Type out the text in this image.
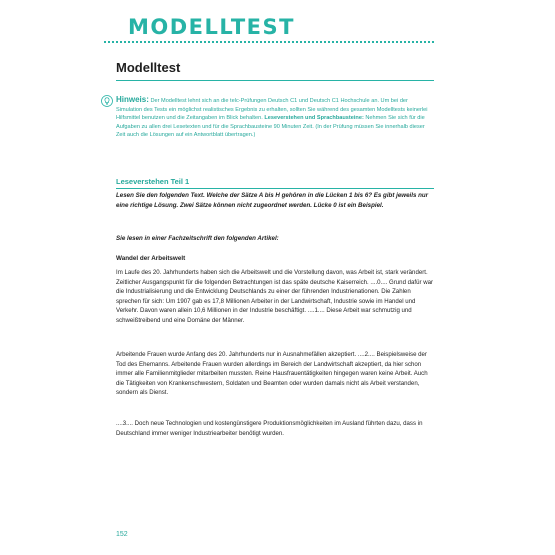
MODELLTEST
Modelltest
Hinweis: Der Modelltest lehnt sich an die telc-Prüfungen Deutsch C1 und Deutsch C1 Hochschule an. Um bei der Simulation des Tests ein möglichst realistisches Ergebnis zu erhalten, sollten Sie während des gesamten Modelltests keinerlei Hilfsmittel benutzen und die Zeitangaben im Blick behalten. Leseverstehen und Sprachbausteine: Nehmen Sie sich für die Aufgaben zu allen drei Lesetexten und für die Sprachbausteine 90 Minuten Zeit. (In der Prüfung müssen Sie innerhalb dieser Zeit auch die Lösungen auf ein Antwortblatt übertragen.)
Leseverstehen Teil 1
Lesen Sie den folgenden Text. Welche der Sätze A bis H gehören in die Lücken 1 bis 6? Es gibt jeweils nur eine richtige Lösung. Zwei Sätze können nicht zugeordnet werden. Lücke 0 ist ein Beispiel.
Sie lesen in einer Fachzeitschrift den folgenden Artikel:
Wandel der Arbeitswelt
Im Laufe des 20. Jahrhunderts haben sich die Arbeitswelt und die Vorstellung davon, was Arbeit ist, stark verändert. Zeitlicher Ausgangspunkt für die folgenden Betrachtungen ist das späte deutsche Kaiserreich. ....0.... Grund dafür war die Industrialisierung und die Entwicklung Deutschlands zu einer der führenden Industrienationen. Die Zahlen sprechen für sich: Um 1907 gab es 17,8 Millionen Arbeiter in der Landwirtschaft, Industrie sowie im Handel und Verkehr. Davon waren allein 10,6 Millionen in der Industrie beschäftigt. ....1.... Diese Arbeit war schmutzig und schweißtreibend und eine Domäne der Männer.
Arbeitende Frauen wurde Anfang des 20. Jahrhunderts nur in Ausnahmefällen akzeptiert. ....2.... Beispielsweise der Tod des Ehemanns. Arbeitende Frauen wurden allerdings im Bereich der Landwirtschaft akzeptiert, da hier schon immer alle Familienmitglieder mitarbeiten mussten. Reine Hausfrauentätigkeiten hingegen waren keine Arbeit. Auch die Tätigkeiten von Krankenschwestern, Soldaten und Beamten oder wurden damals nicht als Arbeit verstanden, sondern als Dienst.
....3.... Doch neue Technologien und kostengünstigere Produktionsmöglichkeiten im Ausland führten dazu, dass in Deutschland immer weniger Industriearbeiter benötigt wurden.
152
